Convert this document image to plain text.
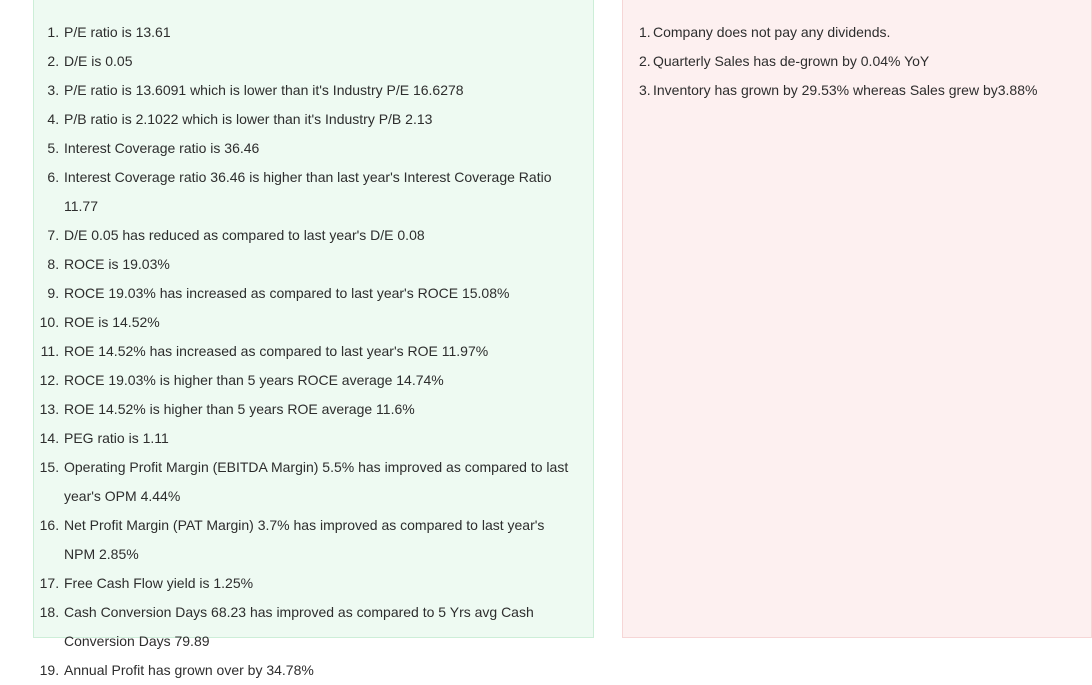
1 . P/E ratio is 13.61
2 . D/E is 0.05
3 . P/E ratio is 13.6091 which is lower than it's Industry P/E 16.6278
4 . P/B ratio is 2.1022 which is lower than it's Industry P/B 2.13
5 . Interest Coverage ratio is 36.46
6 . Interest Coverage ratio 36.46 is higher than last year's Interest Coverage Ratio 11.77
7 . D/E 0.05 has reduced as compared to last year's D/E 0.08
8 . ROCE is 19.03%
9 . ROCE 19.03% has increased as compared to last year's ROCE 15.08%
10 . ROE is 14.52%
11 . ROE 14.52% has increased as compared to last year's ROE 11.97%
12 . ROCE 19.03% is higher than 5 years ROCE average 14.74%
13 . ROE 14.52% is higher than 5 years ROE average 11.6%
14 . PEG ratio is 1.11
15 . Operating Profit Margin (EBITDA Margin) 5.5% has improved as compared to last year's OPM 4.44%
16 . Net Profit Margin (PAT Margin) 3.7% has improved as compared to last year's NPM 2.85%
17 . Free Cash Flow yield is 1.25%
18 . Cash Conversion Days 68.23 has improved as compared to 5 Yrs avg Cash Conversion Days 79.89
19 . Annual Profit has grown over by 34.78%
1 . Company does not pay any dividends.
2 . Quarterly Sales has de-grown by 0.04% YoY
3 . Inventory has grown by 29.53% whereas Sales grew by3.88%
